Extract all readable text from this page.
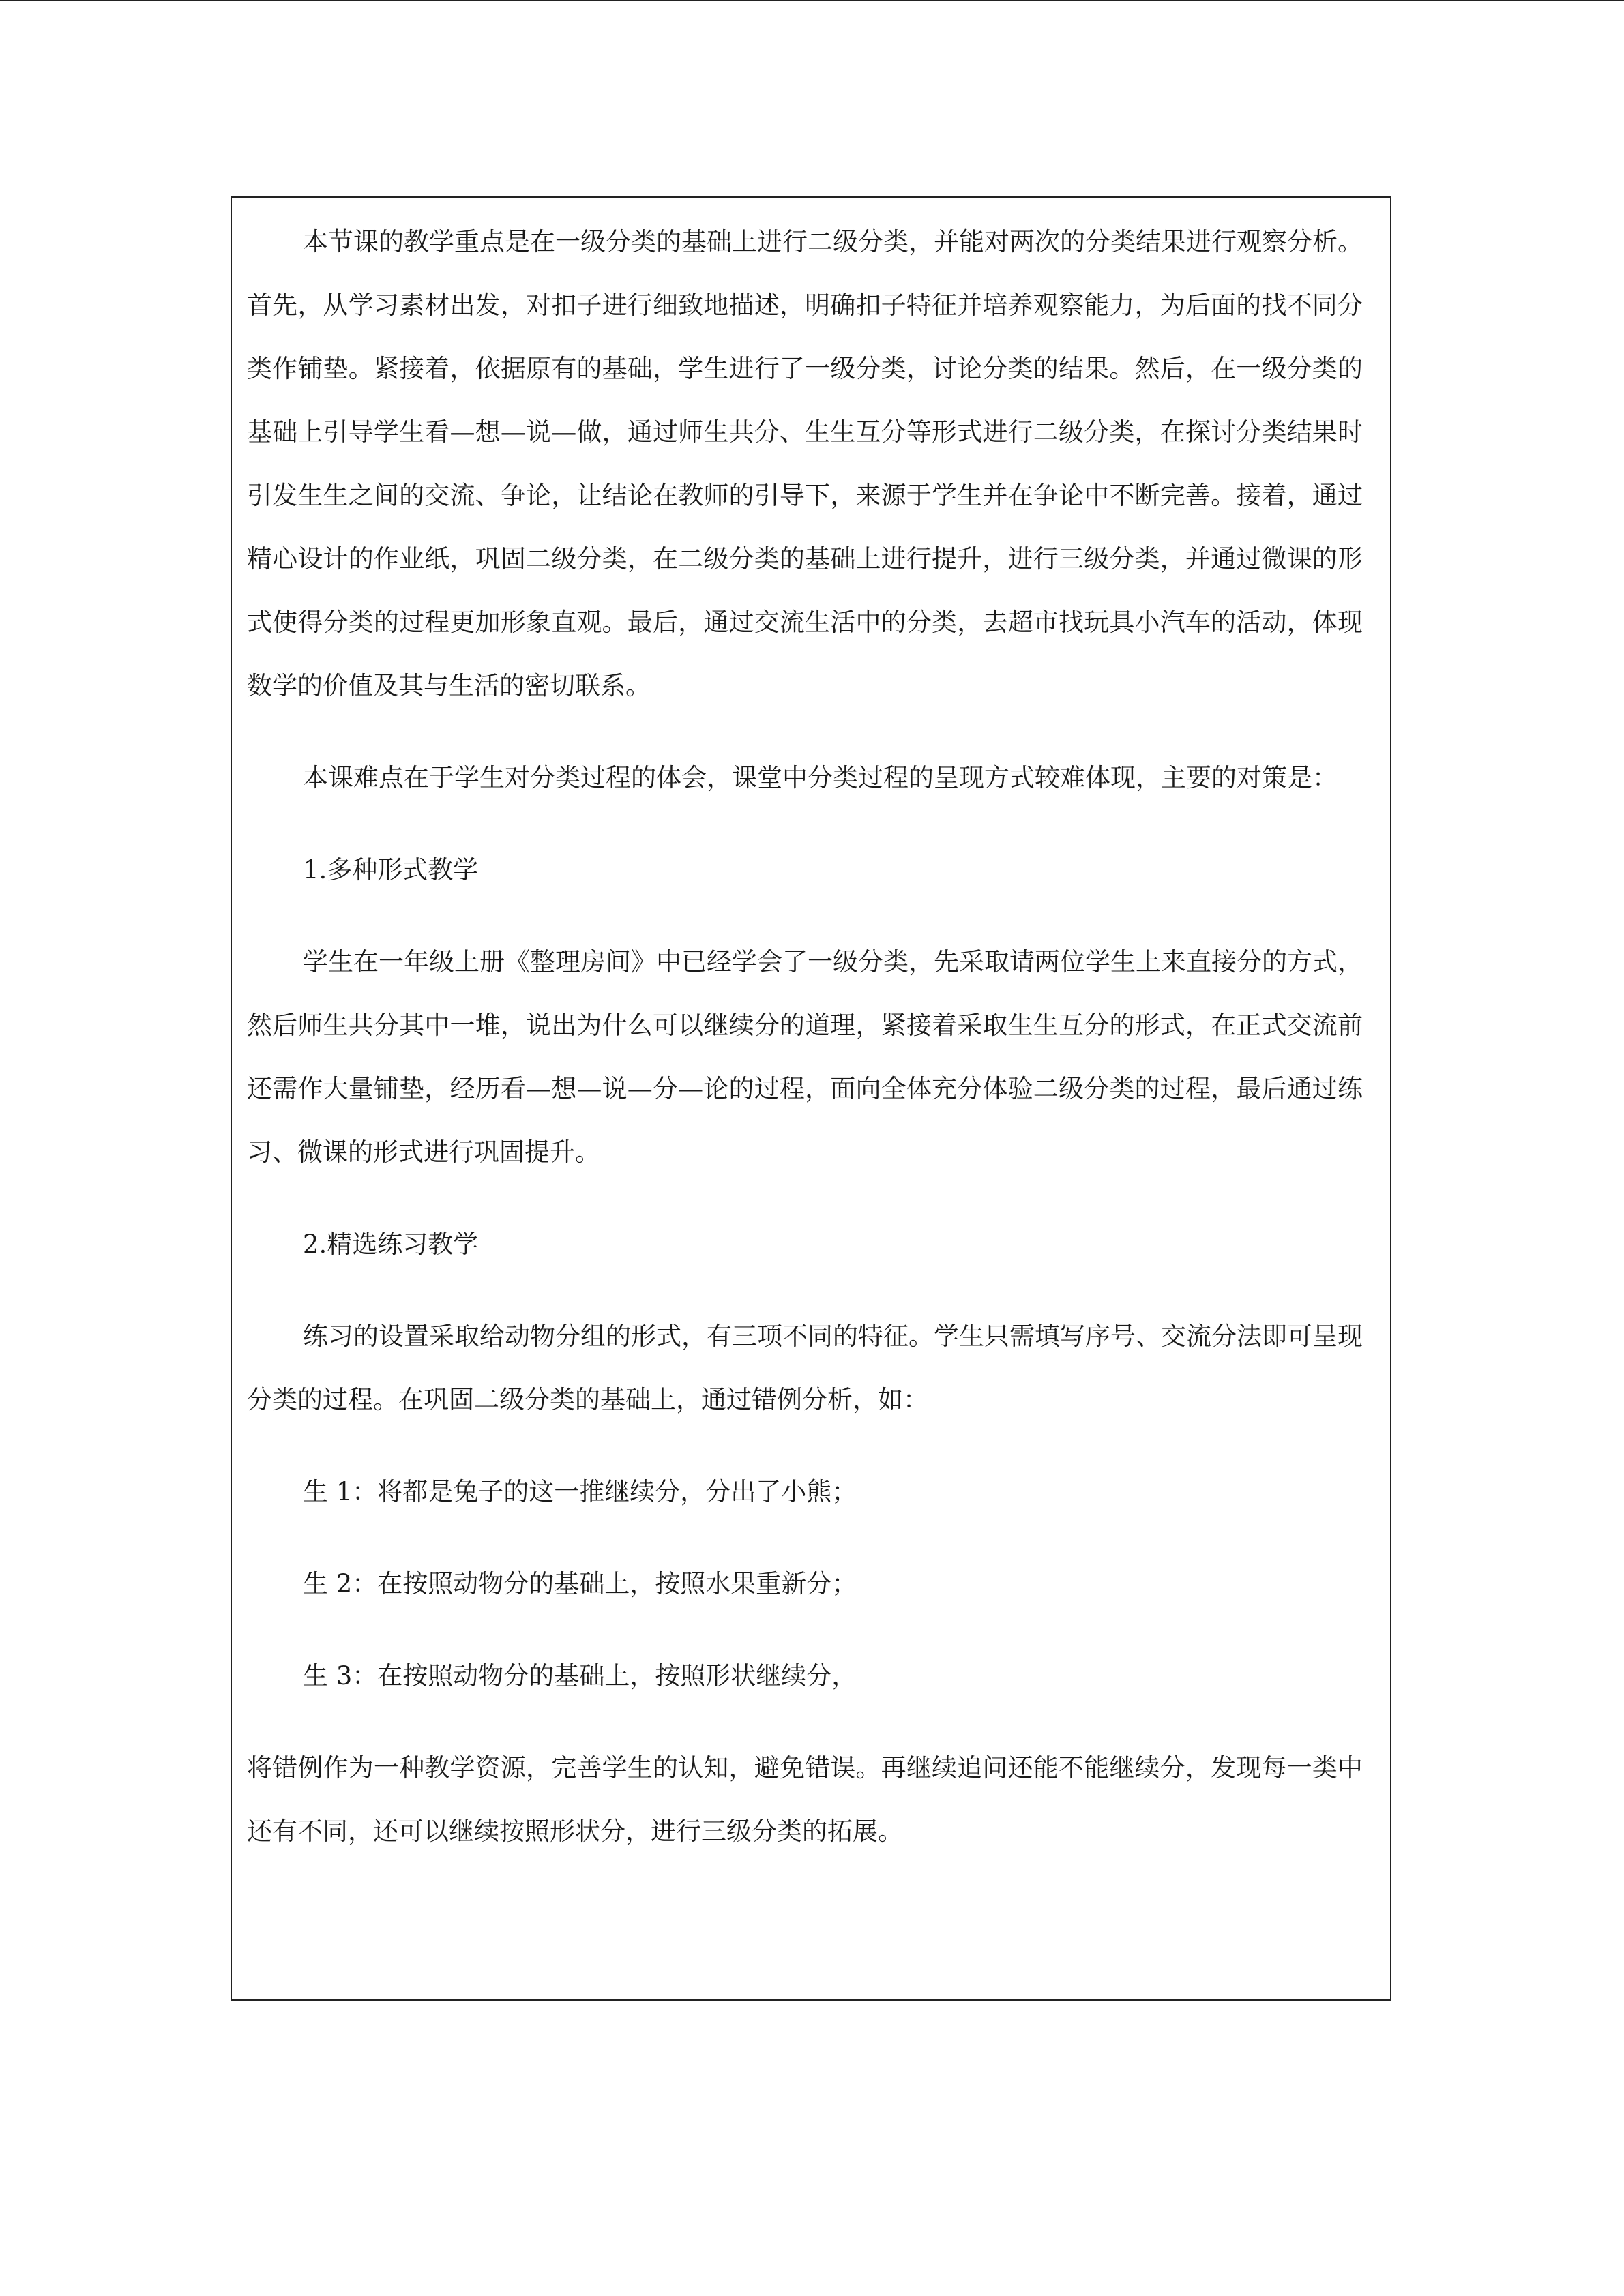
本节课的教学重点是在一级分类的基础上进行二级分类，并能对两次的分类结果进行观察分析。首先，从学习素材出发，对扣子进行细致地描述，明确扣子特征并培养观察能力，为后面的找不同分类作铺垫。紧接着，依据原有的基础，学生进行了一级分类，讨论分类的结果。然后，在一级分类的基础上引导学生看—想—说—做，通过师生共分、生生互分等形式进行二级分类，在探讨分类结果时引发生生之间的交流、争论，让结论在教师的引导下，来源于学生并在争论中不断完善。接着，通过精心设计的作业纸，巩固二级分类，在二级分类的基础上进行提升，进行三级分类，并通过微课的形式使得分类的过程更加形象直观。最后，通过交流生活中的分类，去超市找玩具小汽车的活动，体现数学的价值及其与生活的密切联系。

本课难点在于学生对分类过程的体会，课堂中分类过程的呈现方式较难体现，主要的对策是：

1.多种形式教学

学生在一年级上册《整理房间》中已经学会了一级分类，先采取请两位学生上来直接分的方式，然后师生共分其中一堆，说出为什么可以继续分的道理，紧接着采取生生互分的形式，在正式交流前还需作大量铺垫，经历看—想—说—分—论的过程，面向全体充分体验二级分类的过程，最后通过练习、微课的形式进行巩固提升。

2.精选练习教学

练习的设置采取给动物分组的形式，有三项不同的特征。学生只需填写序号、交流分法即可呈现分类的过程。在巩固二级分类的基础上，通过错例分析，如：

生 1：将都是兔子的这一推继续分，分出了小熊；

生 2：在按照动物分的基础上，按照水果重新分；

生 3：在按照动物分的基础上，按照形状继续分，

将错例作为一种教学资源，完善学生的认知，避免错误。再继续追问还能不能继续分，发现每一类中还有不同，还可以继续按照形状分，进行三级分类的拓展。
